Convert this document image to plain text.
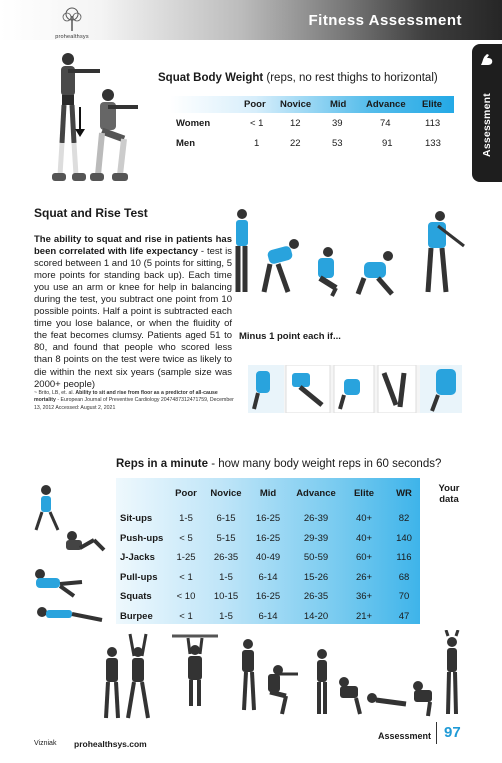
prohealthsys
Fitness Assessment
Assessment
Squat Body Weight (reps, no rest thighs to horizontal)
Poor Novice Mid Advance Elite
Women	< 1	12	39	74	113
Men	1	22	53	91	133
Squat and Rise Test
The ability to squat and rise in patients has been correlated with life expectancy - test is scored between 1 and 10 (5 points for sitting, 5 more points for standing back up). Each time you use an arm or knee for help in balancing during the test, you subtract one point from 10 possible points. Half a point is subtracted each time you lose balance, or when the fluidity of the feat becomes clumsy. Patients aged 51 to 80, and found that people who scored less than 8 points on the test were twice as likely to die within the next six years (sample size was 2000+ people)
~ Brito, LB, et. al. Ability to sit and rise from floor as a predictor of all-cause mortality - European Journal of Preventive Cardiology 2047487312471759, December 13, 2012 Accessed: August 2, 2021
Minus 1 point each if...
Reps in a minute - how many body weight reps in 60 seconds?
Poor Novice Mid Advance Elite WR
Sit-ups	1-5 6-15 16-25 26-39	40+	82
Push-ups < 5	5-15 16-25 29-39	40+	140
J-Jacks 1-25 26-35 40-49 50-59	60+	116
Pull-ups < 1	1-5	6-14	15-26	26+	68
Squats	< 10 10-15 16-25 26-35	36+	70
Burpee	< 1	1-5	6-14	14-20	21+	47
Your data
Vizniak prohealthsys.com
Assessment 97
